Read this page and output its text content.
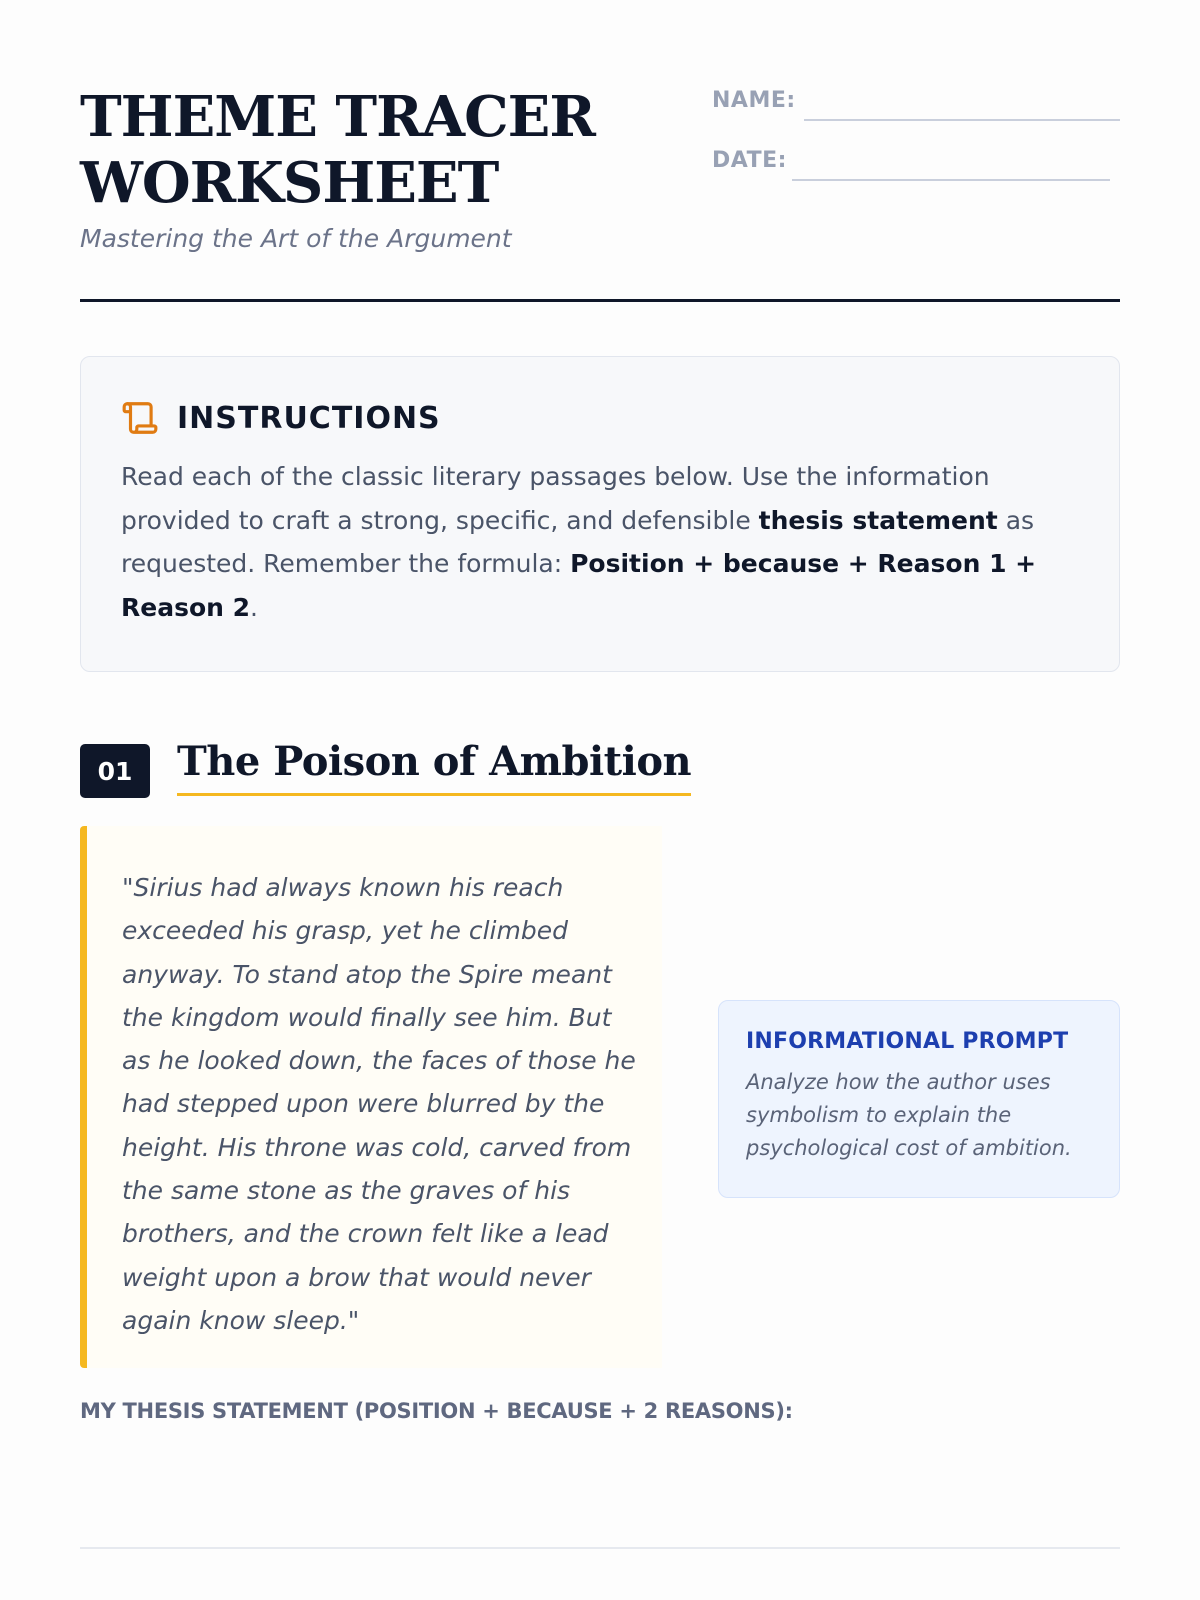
THEME TRACER
WORKSHEET
Mastering the Art of the Argument
NAME:
DATE:
INSTRUCTIONS

Read each of the classic literary passages below. Use the information provided to craft a strong, specific, and defensible thesis statement as requested. Remember the formula: Position + because + Reason 1 + Reason 2.

01	The Poison of Ambition

"Sirius had always known his reach exceeded his grasp, yet he climbed anyway. To stand atop the Spire meant the kingdom would finally see him. But as he looked down, the faces of those he had stepped upon were blurred by the height. His throne was cold, carved from the same stone as the graves of his brothers, and the crown felt like a lead weight upon a brow that would never again know sleep."

INFORMATIONAL PROMPT

Analyze how the author uses symbolism to explain the psychological cost of ambition.

MY THESIS STATEMENT (POSITION + BECAUSE + 2 REASONS):
